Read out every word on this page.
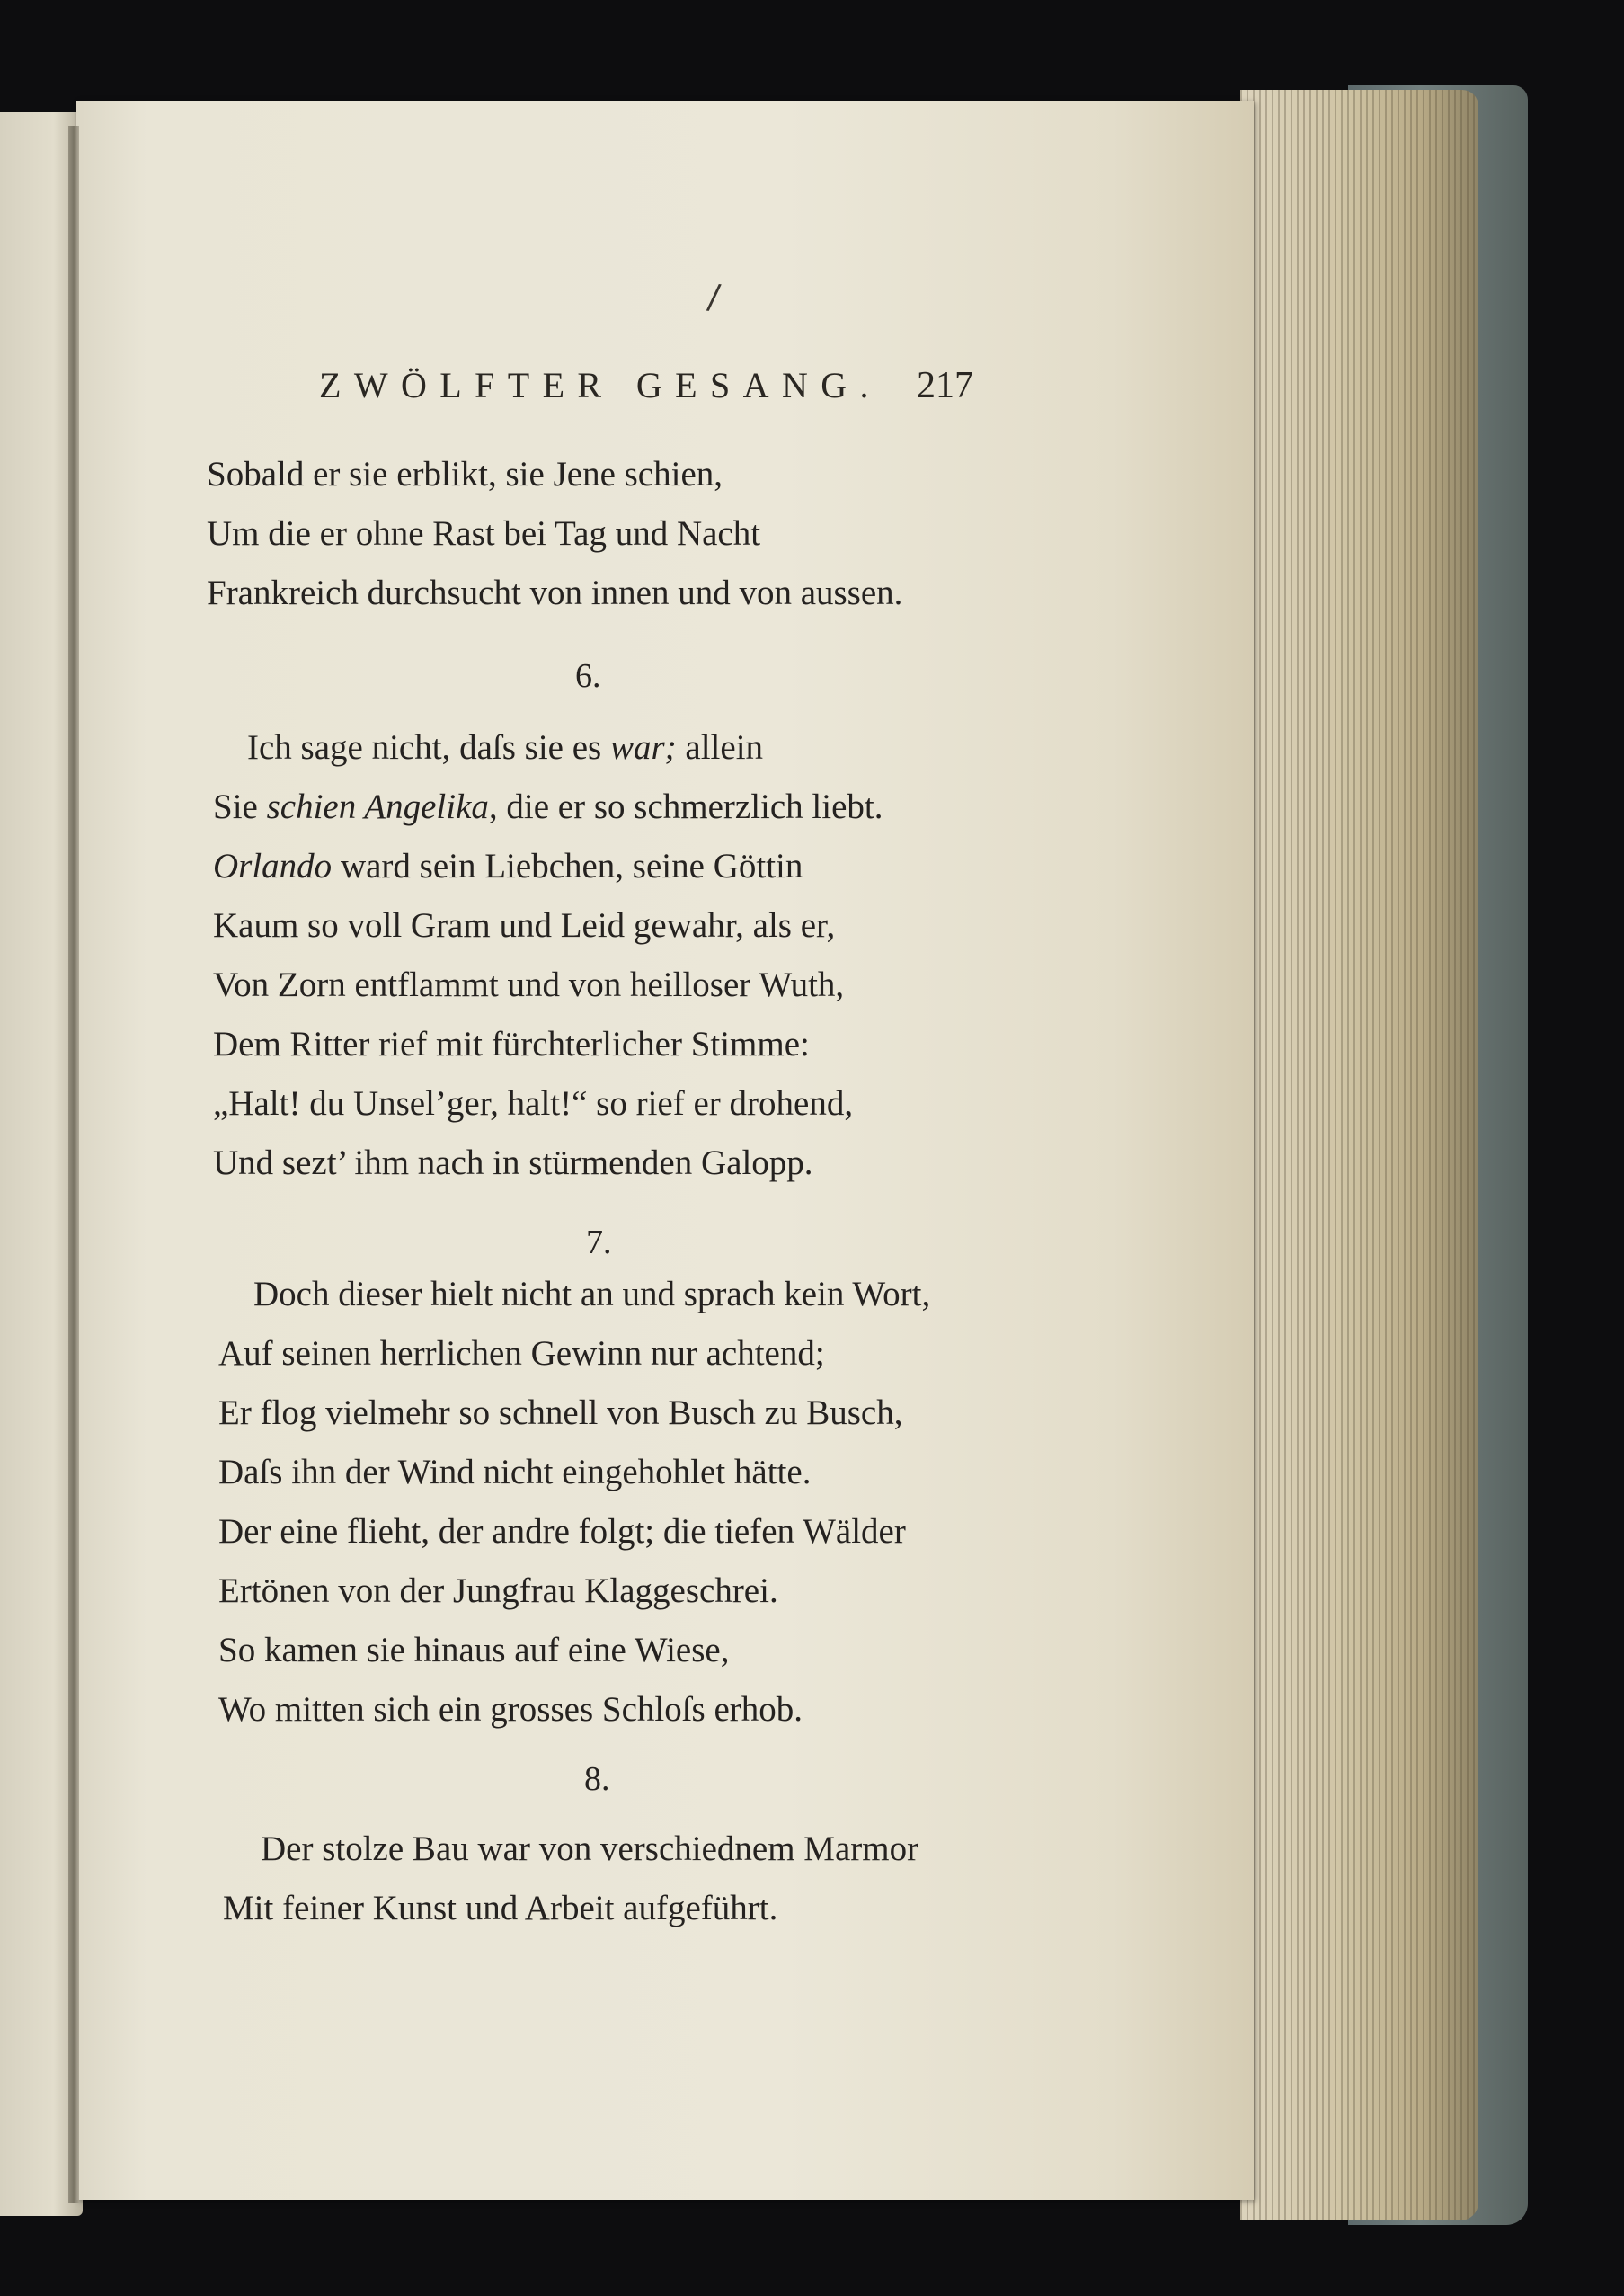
/
ZWÖLFTER GESANG. 217
Sobald er sie erblikt, sie Jene schien,
Um die er ohne Rast bei Tag und Nacht
Frankreich durchsucht von innen und von aussen.
6.
Ich sage nicht, daſs sie es war; allein
Sie schien Angelika, die er so schmerzlich liebt.
Orlando ward sein Liebchen, seine Göttin
Kaum so voll Gram und Leid gewahr, als er,
Von Zorn entflammt und von heilloser Wuth,
Dem Ritter rief mit fürchterlicher Stimme:
„Halt! du Unsel’ger, halt!“ so rief er drohend,
Und sezt’ ihm nach in stürmenden Galopp.
7.
Doch dieser hielt nicht an und sprach kein Wort,
Auf seinen herrlichen Gewinn nur achtend;
Er flog vielmehr so schnell von Busch zu Busch,
Daſs ihn der Wind nicht eingehohlet hätte.
Der eine flieht, der andre folgt; die tiefen Wälder
Ertönen von der Jungfrau Klaggeschrei.
So kamen sie hinaus auf eine Wiese,
Wo mitten sich ein grosses Schloſs erhob.
8.
Der stolze Bau war von verschiednem Marmor
Mit feiner Kunst und Arbeit aufgeführt.
